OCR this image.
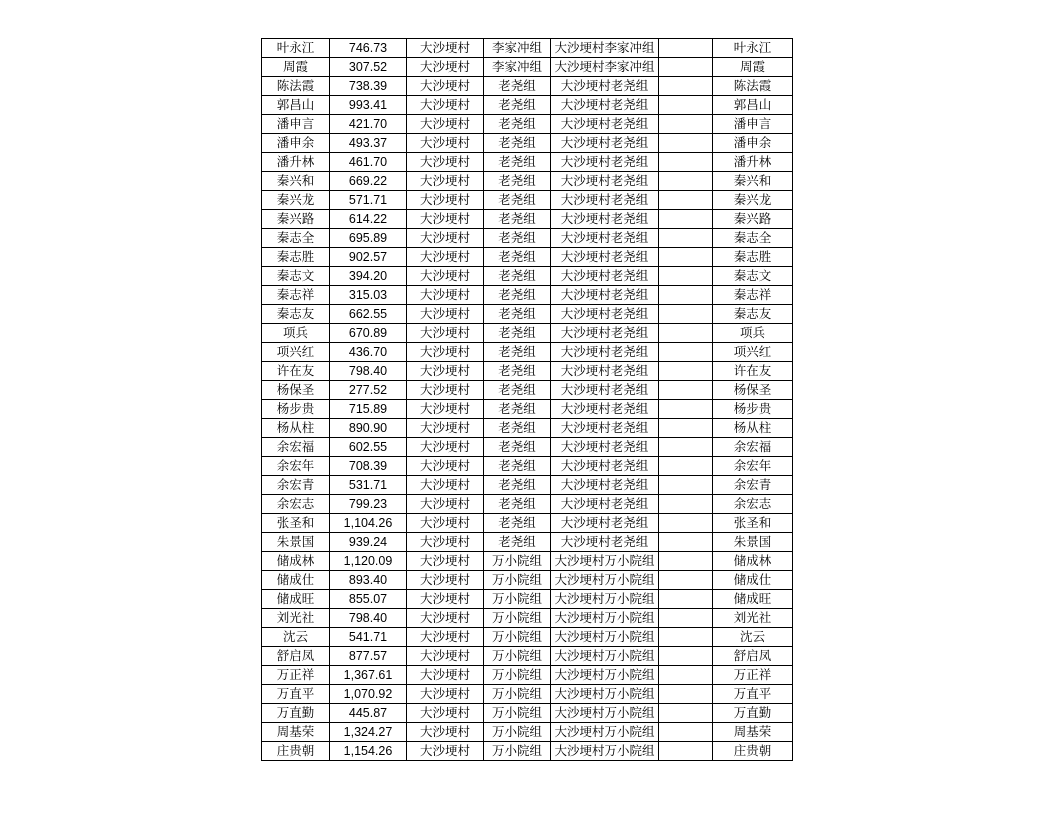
叶永江	746.73	大沙埂村	李家冲组	大沙埂村李家冲组		叶永江
周霞	307.52	大沙埂村	李家冲组	大沙埂村李家冲组		周霞
陈法霞	738.39	大沙埂村	老尧组	大沙埂村老尧组		陈法霞
郭昌山	993.41	大沙埂村	老尧组	大沙埂村老尧组		郭昌山
潘申言	421.70	大沙埂村	老尧组	大沙埂村老尧组		潘申言
潘申余	493.37	大沙埂村	老尧组	大沙埂村老尧组		潘申余
潘升林	461.70	大沙埂村	老尧组	大沙埂村老尧组		潘升林
秦兴和	669.22	大沙埂村	老尧组	大沙埂村老尧组		秦兴和
秦兴龙	571.71	大沙埂村	老尧组	大沙埂村老尧组		秦兴龙
秦兴路	614.22	大沙埂村	老尧组	大沙埂村老尧组		秦兴路
秦志全	695.89	大沙埂村	老尧组	大沙埂村老尧组		秦志全
秦志胜	902.57	大沙埂村	老尧组	大沙埂村老尧组		秦志胜
秦志文	394.20	大沙埂村	老尧组	大沙埂村老尧组		秦志文
秦志祥	315.03	大沙埂村	老尧组	大沙埂村老尧组		秦志祥
秦志友	662.55	大沙埂村	老尧组	大沙埂村老尧组		秦志友
项兵	670.89	大沙埂村	老尧组	大沙埂村老尧组		项兵
项兴红	436.70	大沙埂村	老尧组	大沙埂村老尧组		项兴红
许在友	798.40	大沙埂村	老尧组	大沙埂村老尧组		许在友
杨保圣	277.52	大沙埂村	老尧组	大沙埂村老尧组		杨保圣
杨步贵	715.89	大沙埂村	老尧组	大沙埂村老尧组		杨步贵
杨从柱	890.90	大沙埂村	老尧组	大沙埂村老尧组		杨从柱
余宏福	602.55	大沙埂村	老尧组	大沙埂村老尧组		余宏福
余宏年	708.39	大沙埂村	老尧组	大沙埂村老尧组		余宏年
余宏青	531.71	大沙埂村	老尧组	大沙埂村老尧组		余宏青
余宏志	799.23	大沙埂村	老尧组	大沙埂村老尧组		余宏志
张圣和	1,104.26	大沙埂村	老尧组	大沙埂村老尧组		张圣和
朱景国	939.24	大沙埂村	老尧组	大沙埂村老尧组		朱景国
储成林	1,120.09	大沙埂村	万小院组	大沙埂村万小院组		储成林
储成仕	893.40	大沙埂村	万小院组	大沙埂村万小院组		储成仕
储成旺	855.07	大沙埂村	万小院组	大沙埂村万小院组		储成旺
刘光社	798.40	大沙埂村	万小院组	大沙埂村万小院组		刘光社
沈云	541.71	大沙埂村	万小院组	大沙埂村万小院组		沈云
舒启凤	877.57	大沙埂村	万小院组	大沙埂村万小院组		舒启凤
万正祥	1,367.61	大沙埂村	万小院组	大沙埂村万小院组		万正祥
万直平	1,070.92	大沙埂村	万小院组	大沙埂村万小院组		万直平
万直勤	445.87	大沙埂村	万小院组	大沙埂村万小院组		万直勤
周基荣	1,324.27	大沙埂村	万小院组	大沙埂村万小院组		周基荣
庄贵朝	1,154.26	大沙埂村	万小院组	大沙埂村万小院组		庄贵朝
